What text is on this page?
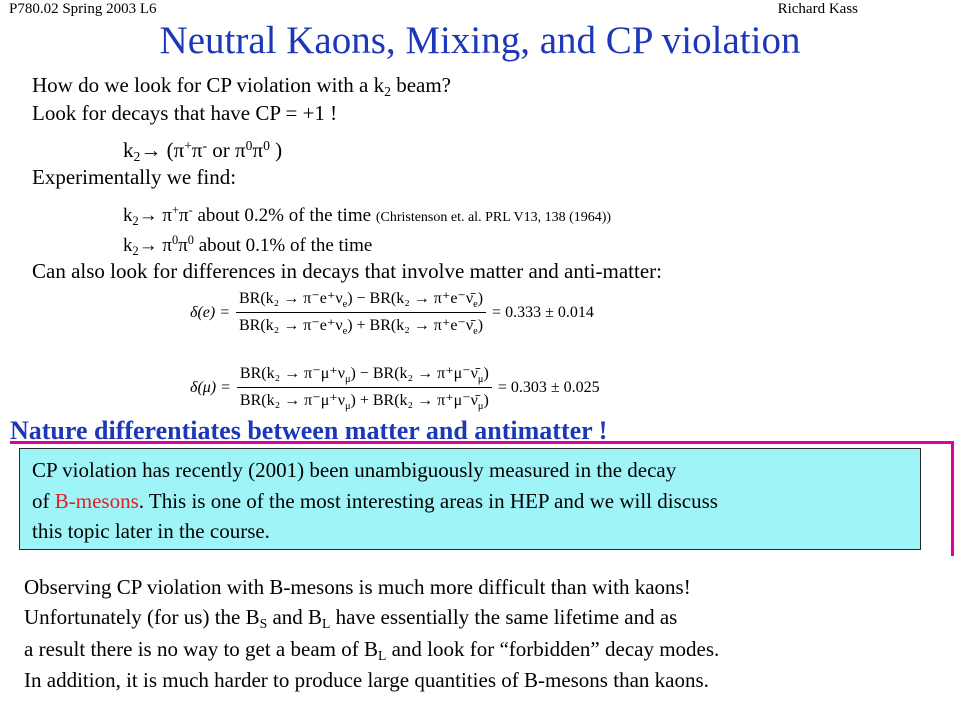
P780.02 Spring 2003 L6	Richard Kass
Neutral Kaons, Mixing, and CP violation
How do we look for CP violation with a $k_2$ beam?
Look for decays that have CP = +1 !
$k_2\to (\pi^+\pi^-$ or $\pi^0\pi^0$ )
Experimentally we find:
$k_2\to \pi^+\pi^-$ about 0.2% of the time (Christenson et. al. PRL V13, 138 (1964))
$k_2\to \pi^0\pi^0$ about 0.1% of the time
Can also look for differences in decays that involve matter and anti-matter:
$\delta(e) = \frac{BR(k_2 \to \pi^-e^+\nu_e) - BR(k_2 \to \pi^+e^-\nū_e)}{BR(k_2 \to \pi^-e^+\nu_e) + BR(k_2 \to \pi^+e^-\nū_e)} = 0.333 \pm 0.014$
$\delta(\mu) = \frac{BR(k_2 \to \pi^-\mu^+\nu_\mu) - BR(k_2 \to \pi^+\mu^-\nū_\mu)}{BR(k_2 \to \pi^-\mu^+\nu_\mu) + BR(k_2 \to \pi^+\mu^-\nū_\mu)} = 0.303 \pm 0.025$
Nature differentiates between matter and antimatter !
CP violation has recently (2001) been unambiguously measured in the decay
of B-mesons. This is one of the most interesting areas in HEP and we will discuss
this topic later in the course.
Observing CP violation with B-mesons is much more difficult than with kaons!
Unfortunately (for us) the $B_S$ and $B_L$ have essentially the same lifetime and as
a result there is no way to get a beam of $B_L$ and look for “forbidden” decay modes.
In addition, it is much harder to produce large quantities of B-mesons than kaons.
